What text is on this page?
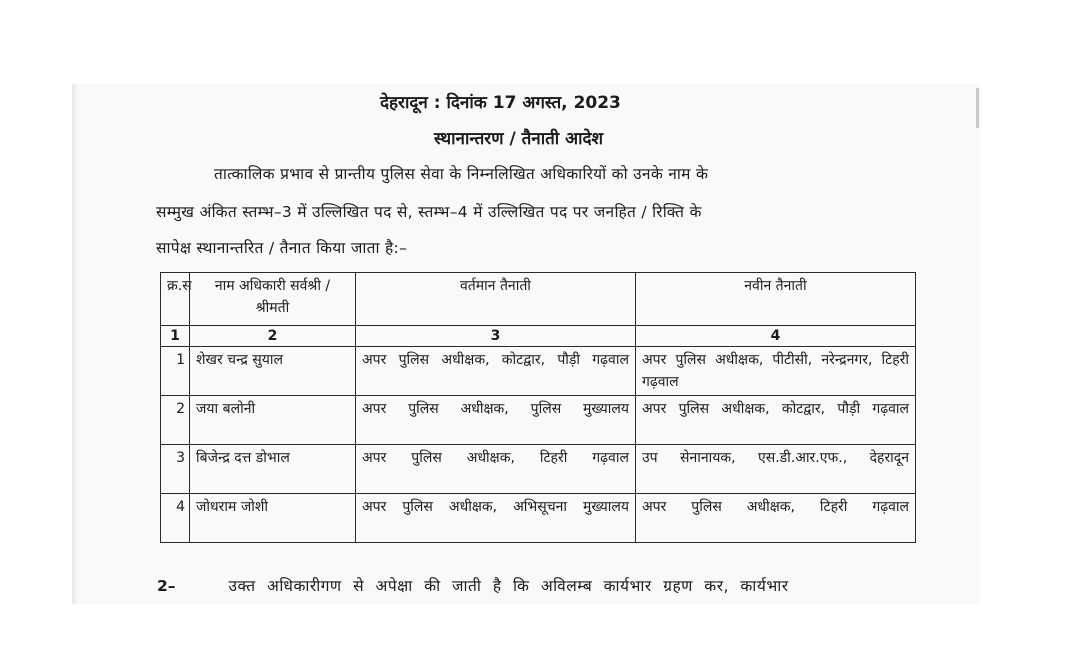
देहरादून : दिनांक 17 अगस्त, 2023
स्थानान्तरण / तैनाती आदेश
तात्कालिक प्रभाव से प्रान्तीय पुलिस सेवा के निम्नलिखित अधिकारियों को उनके नाम के
सम्मुख अंकित स्तम्भ–3 में उल्लिखित पद से, स्तम्भ–4 में उल्लिखित पद पर जनहित / रिक्ति के
सापेक्ष स्थानान्तरित / तैनात किया जाता है:–
क्र.स	नाम अधिकारी सर्वश्री / श्रीमती	वर्तमान तैनाती	नवीन तैनाती
1	2	3	4
1	शेखर चन्द्र सुयाल	अपर पुलिस अधीक्षक, कोटद्वार, पौड़ी गढ़वाल	अपर पुलिस अधीक्षक, पीटीसी, नरेन्द्रनगर, टिहरी गढ़वाल
2	जया बलोनी	अपर पुलिस अधीक्षक, पुलिस मुख्यालय	अपर पुलिस अधीक्षक, कोटद्वार, पौड़ी गढ़वाल
3	बिजेन्द्र दत्त डोभाल	अपर पुलिस अधीक्षक, टिहरी गढ़वाल	उप सेनानायक, एस.डी.आर.एफ., देहरादून
4	जोधराम जोशी	अपर पुलिस अधीक्षक, अभिसूचना मुख्यालय	अपर पुलिस अधीक्षक, टिहरी गढ़वाल
2–	उक्त अधिकारीगण से अपेक्षा की जाती है कि अविलम्ब कार्यभार ग्रहण कर, कार्यभार
